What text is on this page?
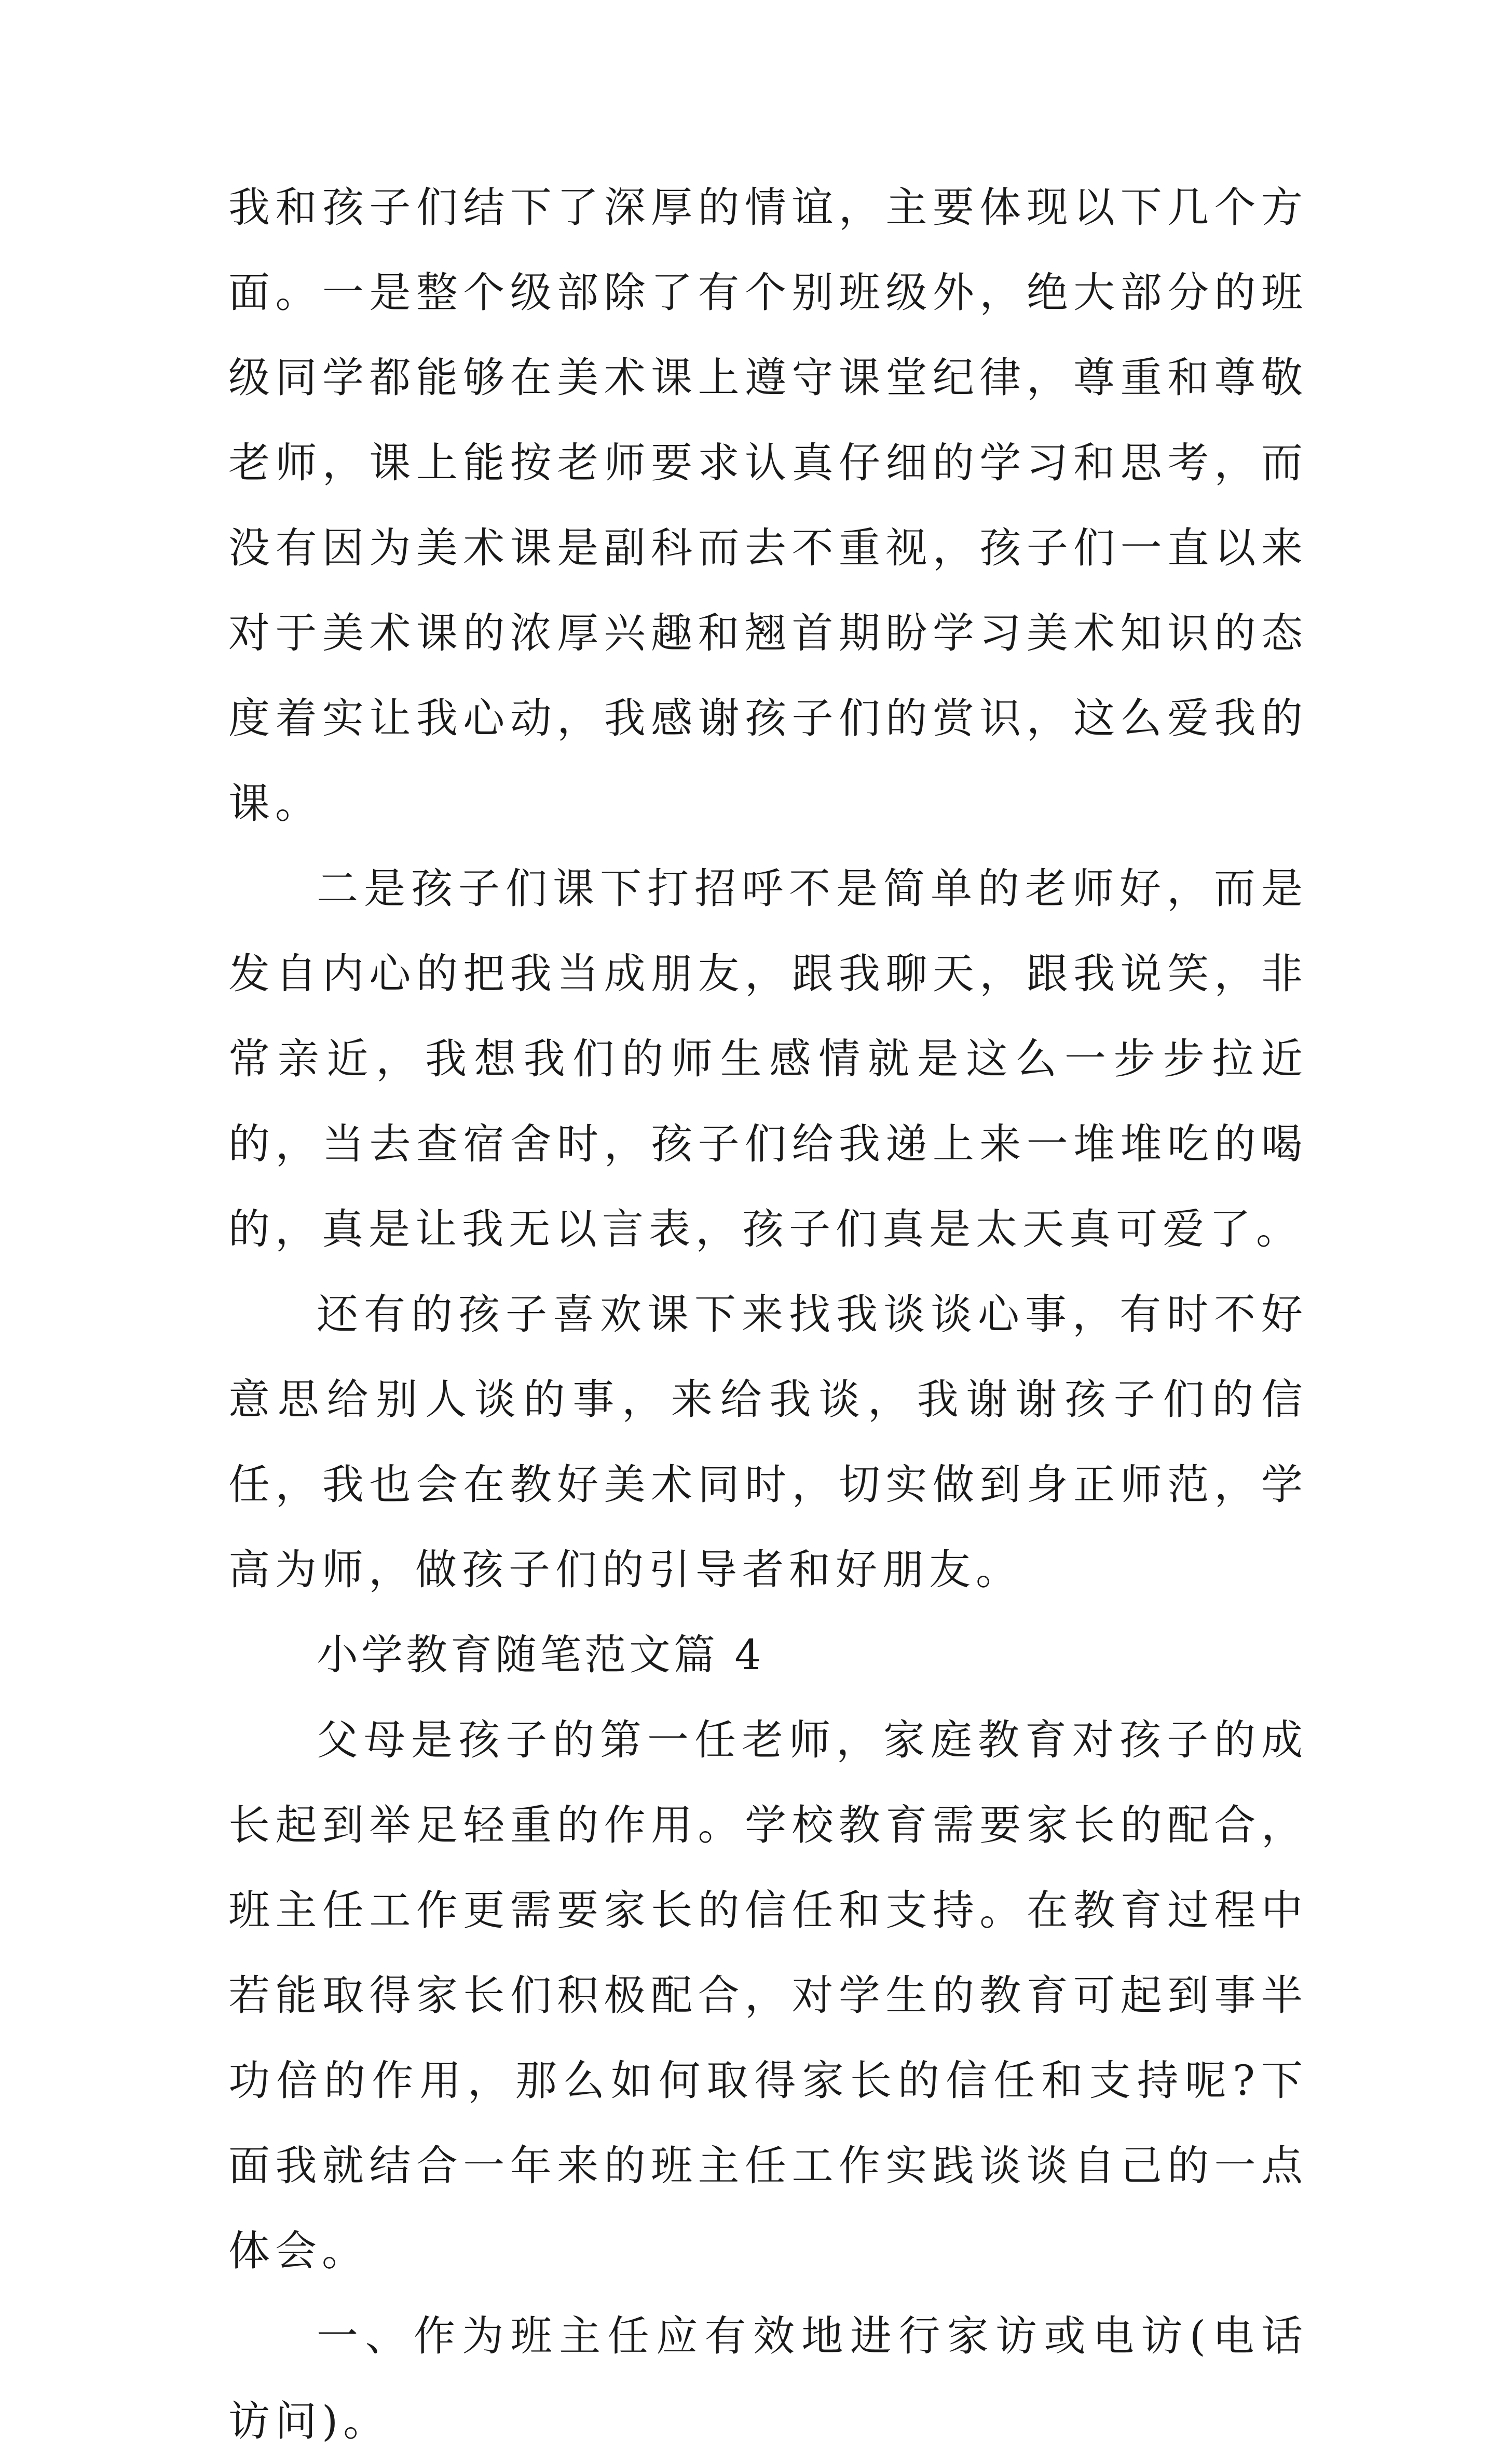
我和孩子们结下了深厚的情谊，主要体现以下几个方面。一是整个级部除了有个别班级外，绝大部分的班级同学都能够在美术课上遵守课堂纪律，尊重和尊敬老师，课上能按老师要求认真仔细的学习和思考，而没有因为美术课是副科而去不重视，孩子们一直以来对于美术课的浓厚兴趣和翘首期盼学习美术知识的态度着实让我心动，我感谢孩子们的赏识，这么爱我的课。

二是孩子们课下打招呼不是简单的老师好，而是发自内心的把我当成朋友，跟我聊天，跟我说笑，非常亲近，我想我们的师生感情就是这么一步步拉近的，当去查宿舍时，孩子们给我递上来一堆堆吃的喝的，真是让我无以言表，孩子们真是太天真可爱了。

还有的孩子喜欢课下来找我谈谈心事，有时不好意思给别人谈的事，来给我谈，我谢谢孩子们的信任，我也会在教好美术同时，切实做到身正师范，学高为师，做孩子们的引导者和好朋友。

小学教育随笔范文篇 4

父母是孩子的第一任老师，家庭教育对孩子的成长起到举足轻重的作用。学校教育需要家长的配合，班主任工作更需要家长的信任和支持。在教育过程中若能取得家长们积极配合，对学生的教育可起到事半功倍的作用，那么如何取得家长的信任和支持呢?下面我就结合一年来的班主任工作实践谈谈自己的一点体会。

一、作为班主任应有效地进行家访或电访(电话访问)。
